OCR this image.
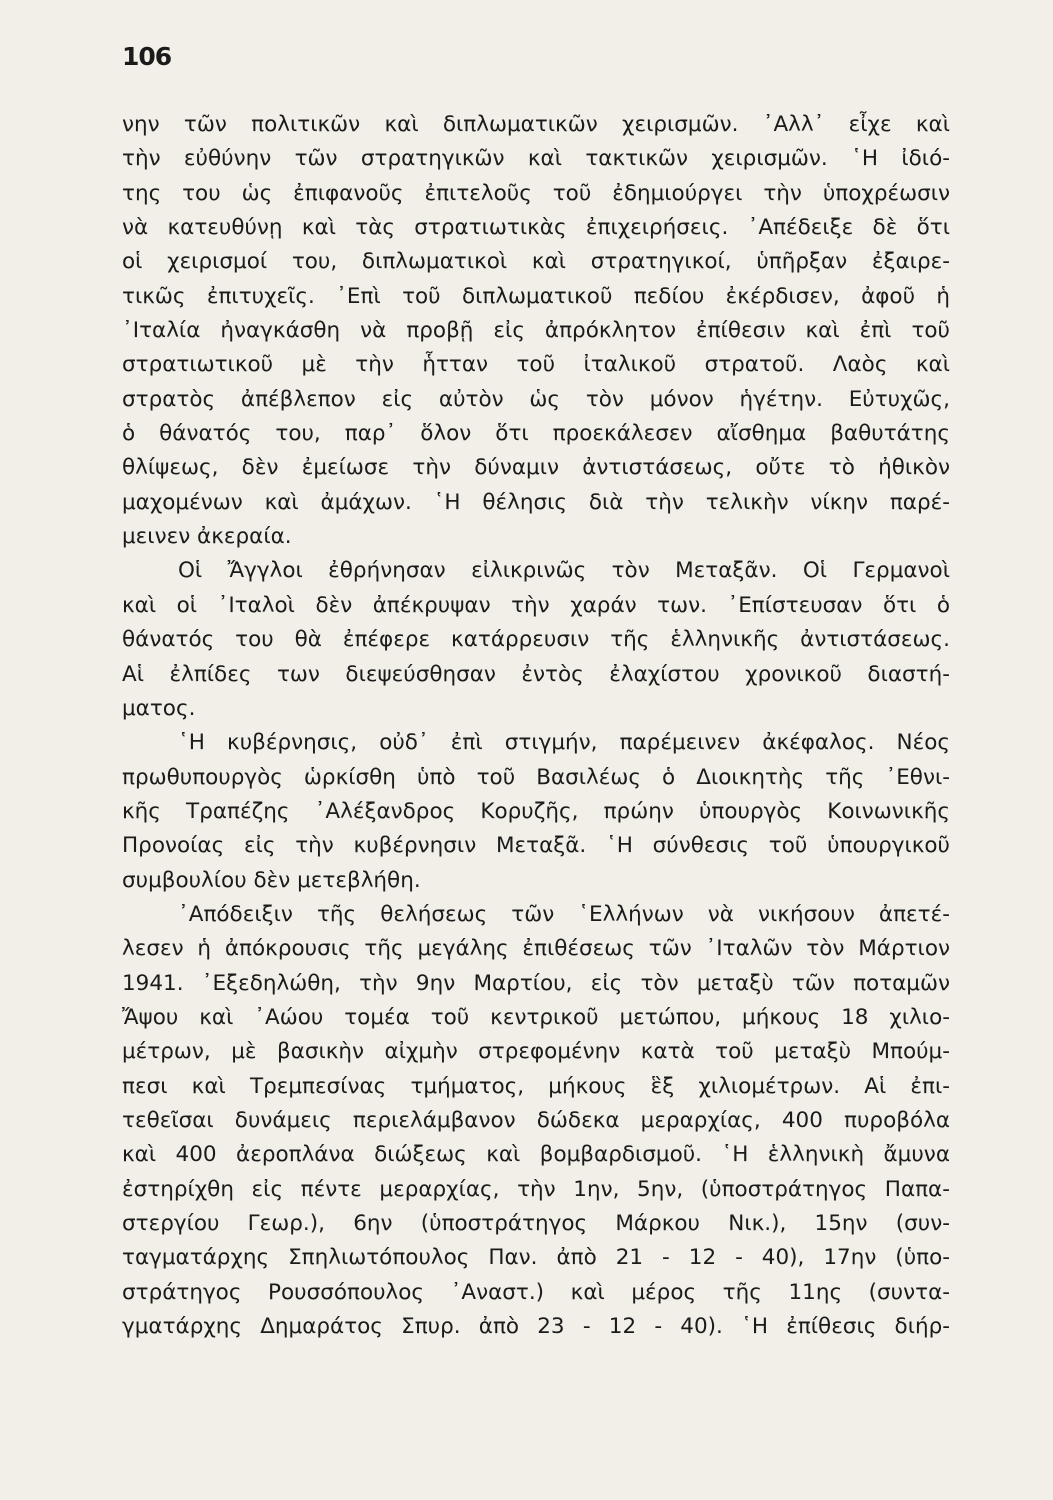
106
νην τῶν πολιτικῶν καὶ διπλωματικῶν χειρισμῶν. ᾿Αλλ᾿ εἶχε καὶ
τὴν εὐθύνην τῶν στρατηγικῶν καὶ τακτικῶν χειρισμῶν. ῾Η ἰδιό-
της του ὡς ἐπιφανοῦς ἐπιτελοῦς τοῦ ἐδημιούργει τὴν ὑποχρέωσιν
νὰ κατευθύνῃ καὶ τὰς στρατιωτικὰς ἐπιχειρήσεις. ᾿Απέδειξε δὲ ὅτι
οἱ χειρισμοί του, διπλωματικοὶ καὶ στρατηγικοί, ὑπῆρξαν ἐξαιρε-
τικῶς ἐπιτυχεῖς. ᾿Επὶ τοῦ διπλωματικοῦ πεδίου ἐκέρδισεν, ἀφοῦ ἡ
᾿Ιταλία ἠναγκάσθη νὰ προβῇ εἰς ἀπρόκλητον ἐπίθεσιν καὶ ἐπὶ τοῦ
στρατιωτικοῦ μὲ τὴν ἧτταν τοῦ ἰταλικοῦ στρατοῦ. Λαὸς καὶ
στρατὸς ἀπέβλεπον εἰς αὐτὸν ὡς τὸν μόνον ἡγέτην. Εὐτυχῶς,
ὁ θάνατός του, παρ᾿ ὅλον ὅτι προεκάλεσεν αἴσθημα βαθυτάτης
θλίψεως, δὲν ἐμείωσε τὴν δύναμιν ἀντιστάσεως, οὔτε τὸ ἠθικὸν
μαχομένων καὶ ἀμάχων. ῾Η θέλησις διὰ τὴν τελικὴν νίκην παρέ-
μεινεν ἀκεραία.
Οἱ Ἄγγλοι ἐθρήνησαν εἰλικρινῶς τὸν Μεταξᾶν. Οἱ Γερμανοὶ
καὶ οἱ ᾿Ιταλοὶ δὲν ἀπέκρυψαν τὴν χαράν των. ᾿Επίστευσαν ὅτι ὁ
θάνατός του θὰ ἐπέφερε κατάρρευσιν τῆς ἑλληνικῆς ἀντιστάσεως.
Αἱ ἐλπίδες των διεψεύσθησαν ἐντὸς ἐλαχίστου χρονικοῦ διαστή-
ματος.
῾Η κυβέρνησις, οὐδ᾿ ἐπὶ στιγμήν, παρέμεινεν ἀκέφαλος. Νέος
πρωθυπουργὸς ὡρκίσθη ὑπὸ τοῦ Βασιλέως ὁ Διοικητὴς τῆς ᾿Εθνι-
κῆς Τραπέζης ᾿Αλέξανδρος Κορυζῆς, πρώην ὑπουργὸς Κοινωνικῆς
Προνοίας εἰς τὴν κυβέρνησιν Μεταξᾶ. ῾Η σύνθεσις τοῦ ὑπουργικοῦ
συμβουλίου δὲν μετεβλήθη.
᾿Απόδειξιν τῆς θελήσεως τῶν ῾Ελλήνων νὰ νικήσουν ἀπετέ-
λεσεν ἡ ἀπόκρουσις τῆς μεγάλης ἐπιθέσεως τῶν ᾿Ιταλῶν τὸν Μάρτιον
1941. ᾿Εξεδηλώθη, τὴν 9ην Μαρτίου, εἰς τὸν μεταξὺ τῶν ποταμῶν
Ἄψου καὶ ᾿Αώου τομέα τοῦ κεντρικοῦ μετώπου, μήκους 18 χιλιο-
μέτρων, μὲ βασικὴν αἰχμὴν στρεφομένην κατὰ τοῦ μεταξὺ Μπούμ-
πεσι καὶ Τρεμπεσίνας τμήματος, μήκους ἓξ χιλιομέτρων. Αἱ ἐπι-
τεθεῖσαι δυνάμεις περιελάμβανον δώδεκα μεραρχίας, 400 πυροβόλα
καὶ 400 ἀεροπλάνα διώξεως καὶ βομβαρδισμοῦ. ῾Η ἑλληνικὴ ἄμυνα
ἐστηρίχθη εἰς πέντε μεραρχίας, τὴν 1ην, 5ην, (ὑποστράτηγος Παπα-
στεργίου Γεωρ.), 6ην (ὑποστράτηγος Μάρκου Νικ.), 15ην (συν-
ταγματάρχης Σπηλιωτόπουλος Παν. ἀπὸ 21 - 12 - 40), 17ην (ὑπο-
στράτηγος Ρουσσόπουλος ᾿Αναστ.) καὶ μέρος τῆς 11ης (συντα-
γματάρχης Δημαράτος Σπυρ. ἀπὸ 23 - 12 - 40). ῾Η ἐπίθεσις διήρ-
